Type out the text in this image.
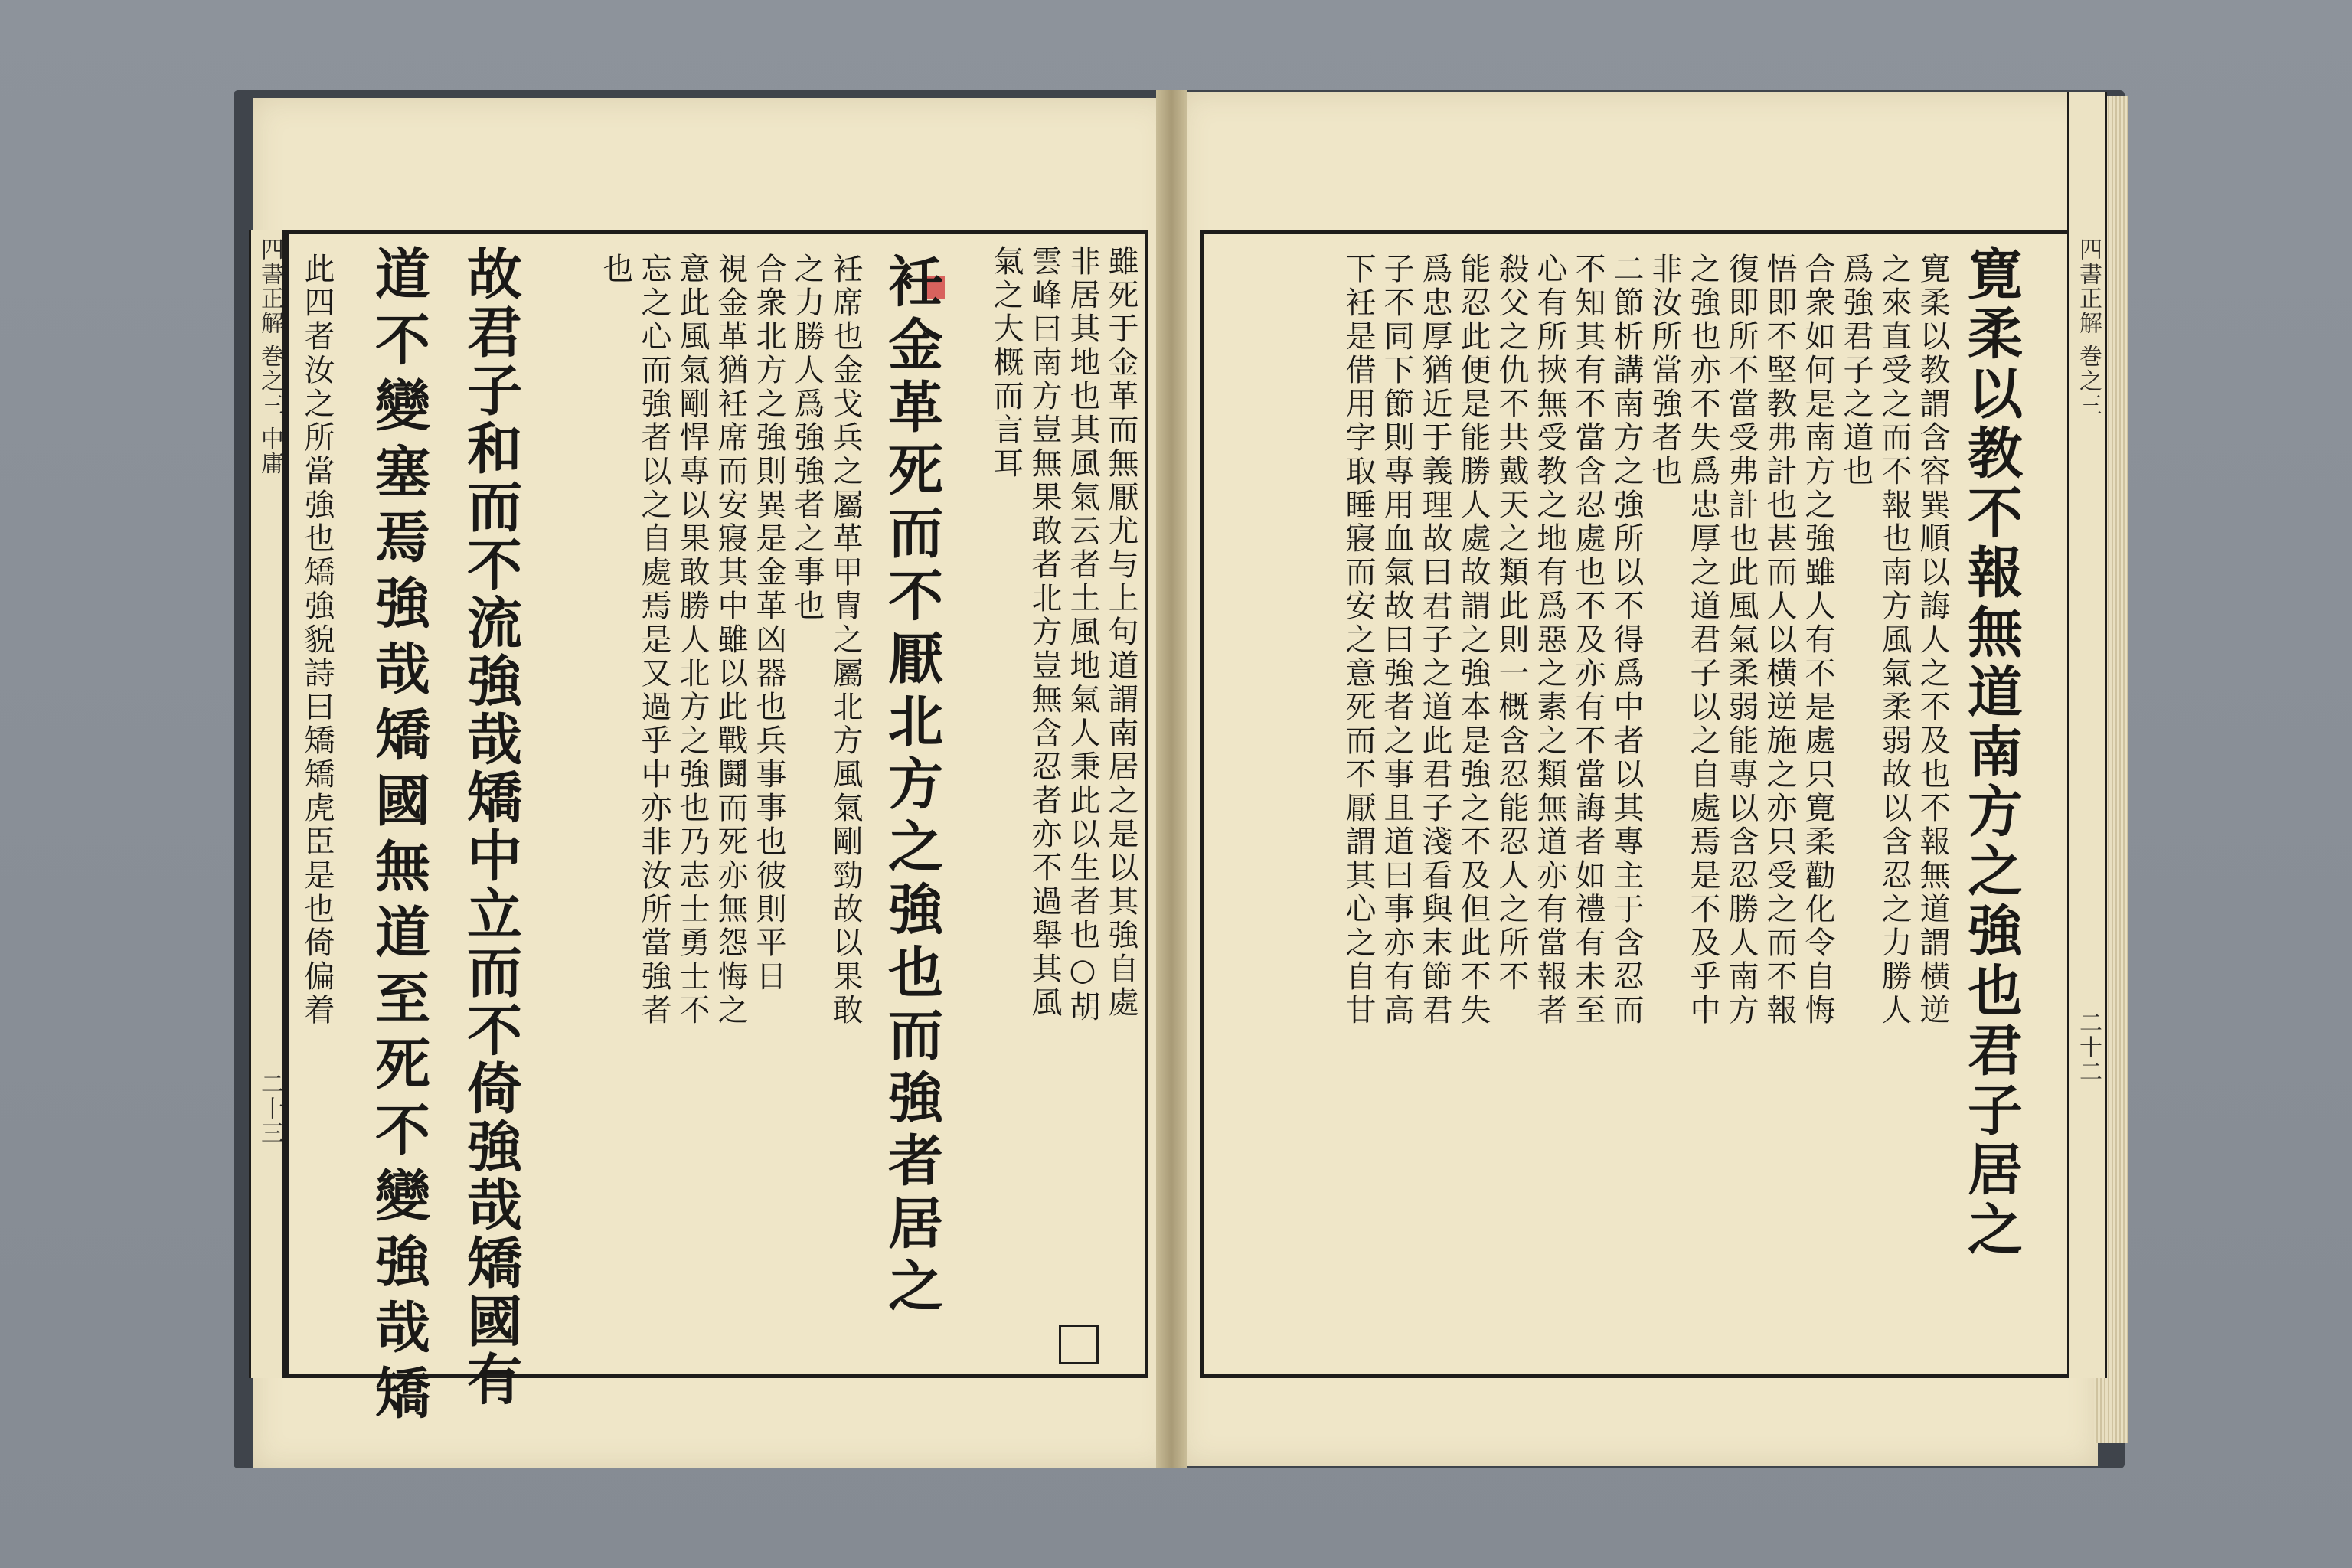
四書正解 巻之三 中庸
二十三
雖死于金革而無厭尤与上句道謂南居之是以其強自處
非居其地也其風氣云者土風地氣人秉此以生者也○胡
雲峰曰南方豈無果敢者北方豈無含忍者亦不過舉其風
氣之大概而言耳
衽金革死而不厭北方之強也而強者居之
衽席也金戈兵之屬革甲冑之屬北方風氣剛勁故以果敢
之力勝人爲強強者之事也
合衆北方之強則異是金革凶器也兵事事也彼則平日
視金革猶衽席而安寢其中雖以此戰鬪而死亦無怨悔之
意此風氣剛悍專以果敢勝人北方之強也乃志士勇士不
忘之心而強者以之自處焉是又過乎中亦非汝所當強者
也
故君子和而不流強哉矯中立而不倚強哉矯國有
道不變塞焉強哉矯國無道至死不變強哉矯
此四者汝之所當強也矯強貌詩曰矯矯虎臣是也倚偏着	四書正解 巻之三
二十二
寛柔以教不報無道南方之強也君子居之
寛柔以教謂含容巽順以誨人之不及也不報無道謂横逆
之來直受之而不報也南方風氣柔弱故以含忍之力勝人
爲強君子之道也
合衆如何是南方之強雖人有不是處只寛柔勸化令自悔
悟即不堅教弗計也甚而人以横逆施之亦只受之而不報
復即所不當受弗計也此風氣柔弱能專以含忍勝人南方
之強也亦不失爲忠厚之道君子以之自處焉是不及乎中
非汝所當強者也
二節析講南方之強所以不得爲中者以其專主于含忍而
不知其有不當含忍處也不及亦有不當誨者如禮有未至
心有所挾無受教之地有爲惡之素之類無道亦有當報者
殺父之仇不共戴天之類此則一概含忍能忍人之所不
能忍此便是能勝人處故謂之強本是強之不及但此不失
爲忠厚猶近于義理故曰君子之道此君子淺看與末節君
子不同下節則專用血氣故曰強者之事且道曰事亦有高
下衽是借用字取睡寢而安之意死而不厭謂其心之自甘
